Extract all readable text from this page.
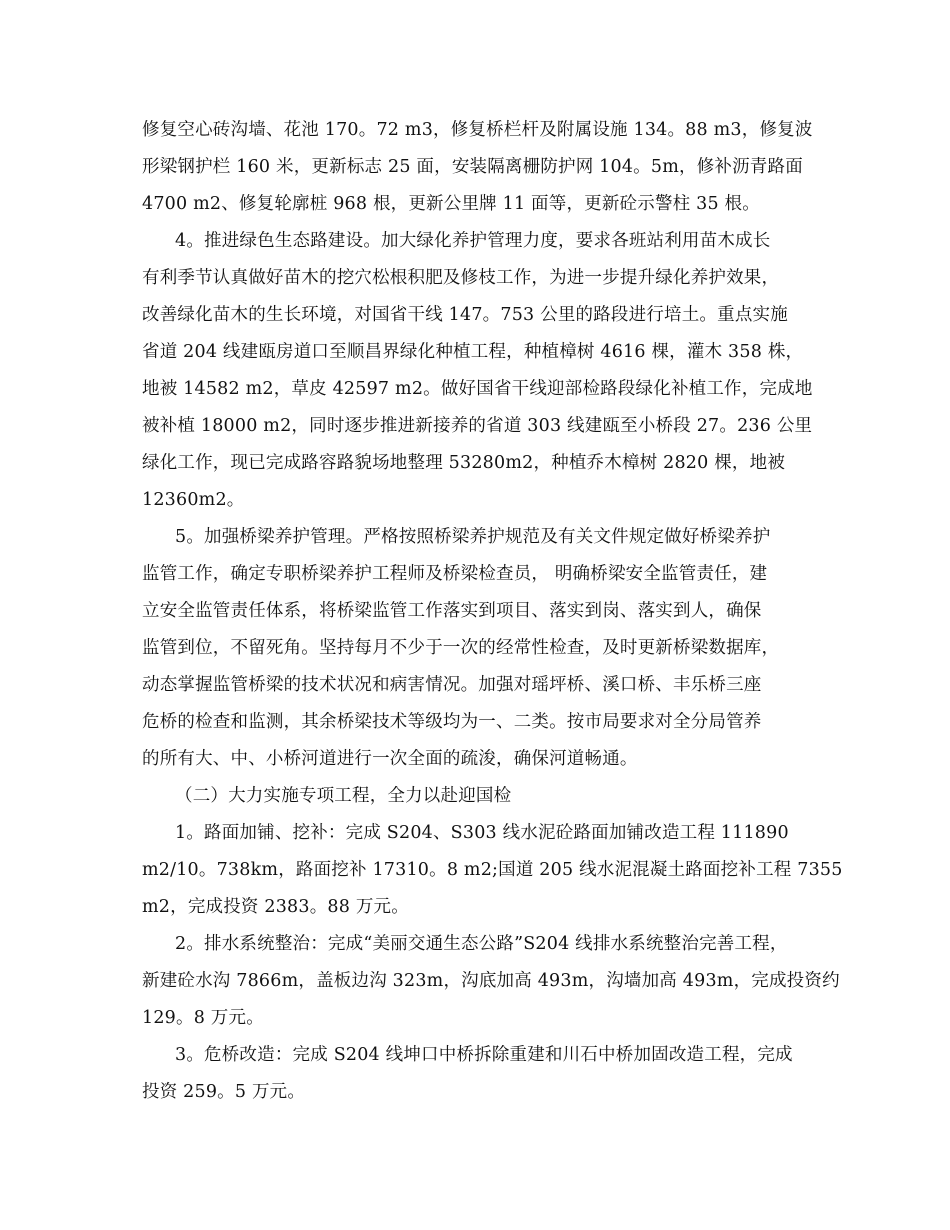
修复空心砖沟墙、花池 170。72 m3，修复桥栏杆及附属设施 134。88 m3，修复波
形梁钢护栏 160 米，更新标志 25 面，安装隔离栅防护网 104。5m，修补沥青路面
4700 m2、修复轮廓桩 968 根，更新公里牌 11 面等，更新砼示警柱 35 根。
4。推进绿色生态路建设。加大绿化养护管理力度，要求各班站利用苗木成长
有利季节认真做好苗木的挖穴松根积肥及修枝工作，为进一步提升绿化养护效果，
改善绿化苗木的生长环境，对国省干线 147。753 公里的路段进行培土。重点实施
省道 204 线建瓯房道口至顺昌界绿化种植工程，种植樟树 4616 棵，灌木 358 株，
地被 14582 m2，草皮 42597 m2。做好国省干线迎部检路段绿化补植工作，完成地
被补植 18000 m2，同时逐步推进新接养的省道 303 线建瓯至小桥段 27。236 公里
绿化工作，现已完成路容路貌场地整理 53280m2，种植乔木樟树 2820 棵，地被
12360m2。
5。加强桥梁养护管理。严格按照桥梁养护规范及有关文件规定做好桥梁养护
监管工作，确定专职桥梁养护工程师及桥梁检查员， 明确桥梁安全监管责任，建
立安全监管责任体系，将桥梁监管工作落实到项目、落实到岗、落实到人，确保
监管到位，不留死角。坚持每月不少于一次的经常性检查，及时更新桥梁数据库，
动态掌握监管桥梁的技术状况和病害情况。加强对瑶坪桥、溪口桥、丰乐桥三座
危桥的检查和监测，其余桥梁技术等级均为一、二类。按市局要求对全分局管养
的所有大、中、小桥河道进行一次全面的疏浚，确保河道畅通。
（二）大力实施专项工程，全力以赴迎国检
1。路面加铺、挖补：完成 S204、S303 线水泥砼路面加铺改造工程 111890
m2/10。738km，路面挖补 17310。8 m2;国道 205 线水泥混凝土路面挖补工程 7355
m2，完成投资 2383。88 万元。
2。排水系统整治：完成“美丽交通生态公路”S204 线排水系统整治完善工程，
新建砼水沟 7866m，盖板边沟 323m，沟底加高 493m，沟墙加高 493m，完成投资约
129。8 万元。
3。危桥改造：完成 S204 线坤口中桥拆除重建和川石中桥加固改造工程，完成
投资 259。5 万元。
